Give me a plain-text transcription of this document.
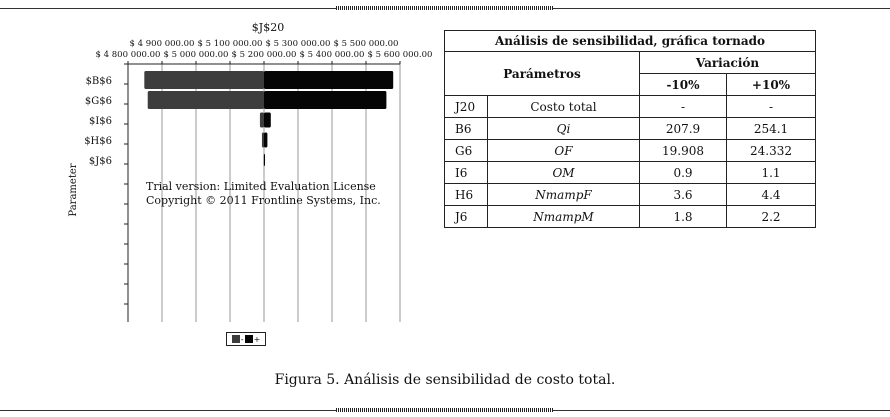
$J$20
$ 4 900 000.00 $ 5 100 000.00 $ 5 300 000.00 $ 5 500 000.00
$ 4 800 000.00 $ 5 000 000.00 $ 5 200 000.00 $ 5 400 000.00 $ 5 600 000.00
$B$6
$G$6
$I$6
$H$6
$J$6
Parameter	Trial version: Limited Evaluation License
Copyright © 2011 Frontline Systems, Inc.
- +
Análisis de sensibilidad, gráfica tornado			
Parámetros		Variación	
		-10%	+10%
J20	Costo total	-	-
B6	Qi	207.9	254.1
G6	OF	19.908	24.332
I6	OM	0.9	1.1
H6	NmampF	3.6	4.4
J6	NmampM	1.8	2.2
Figura 5. Análisis de sensibilidad de costo total.
